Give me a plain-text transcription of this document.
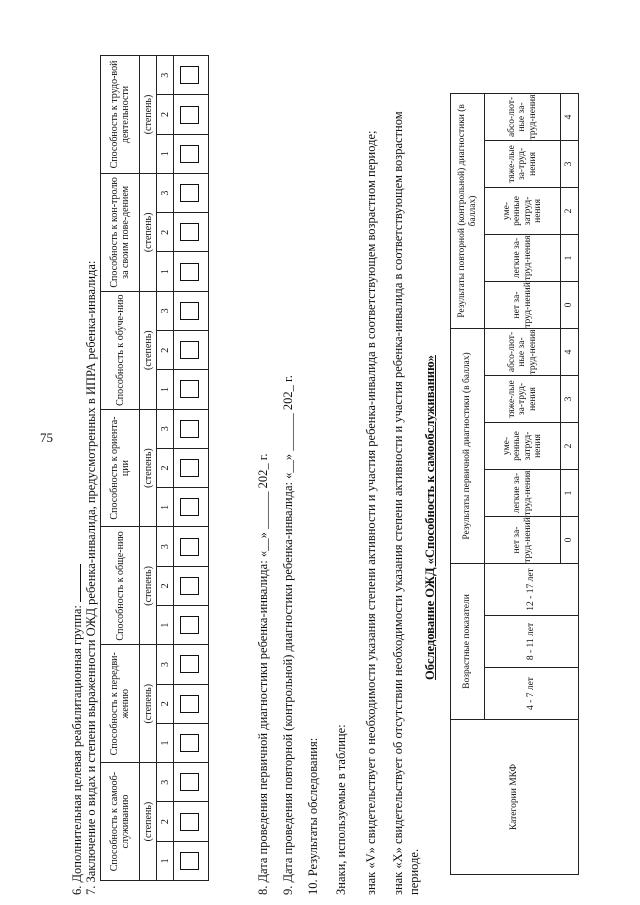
75
6. Дополнительная целевая реабилитационная группа: 7. Заключение о видах и степени выраженности ОЖД ребенка-инвалида, предусмотренных в ИПРА ребенка-инвалида: Способность к самооб-служиванию			Способность к передви-жению			Способность к обще-нию			Способность к ориента-ции			Способность к обуче-нию			Способность к кон-тролю за своим пове-дением			Способность к трудо-вой деятельности		
(степень)			(степень)			(степень)			(степень)			(степень)			(степень)			(степень)		
1	2	3	1	2	3	1	2	3	1	2	3	1	2	3	1	2	3	1	2	3

8. Дата проведения первичной диагностики ребенка-инвалида: «__» ______ 202_ г. 9. Дата проведения повторной (контрольной) диагностики ребенка-инвалида: «__» ______ 202_ г. 10. Результаты обследования: Знаки, используемые в таблице: знак «V» свидетельствует о необходимости указания степени активности и участия ребенка-инвалида в соответствующем возрастном периоде; знак «X» свидетельствует об отсутствии необходимости указания степени активности и участия ребенка-инвалида в соответствующем возрастном периоде.
Обследование ОЖД «Способность к самообслуживанию»
Категории МКФ	Возрастные показатели			Результаты первичной диагностики (в баллах)					Результаты повторной (контрольной) диагностики (в баллах)				
	4 - 7 лет	8 - 11 лет	12 - 17 лет	нет за-труд-нений	легкие за-труд-нения	уме-ренные затруд-нения	тяже-лые за-труд-нения	абсо-лют-ные за-труд-нения	нет за-труд-нений	легкие за-труд-нения	уме-ренные затруд-нения	тяже-лые за-труд-нения	абсо-лют-ные за-труд-нения
				0	1	2	3	4	0	1	2	3	4
